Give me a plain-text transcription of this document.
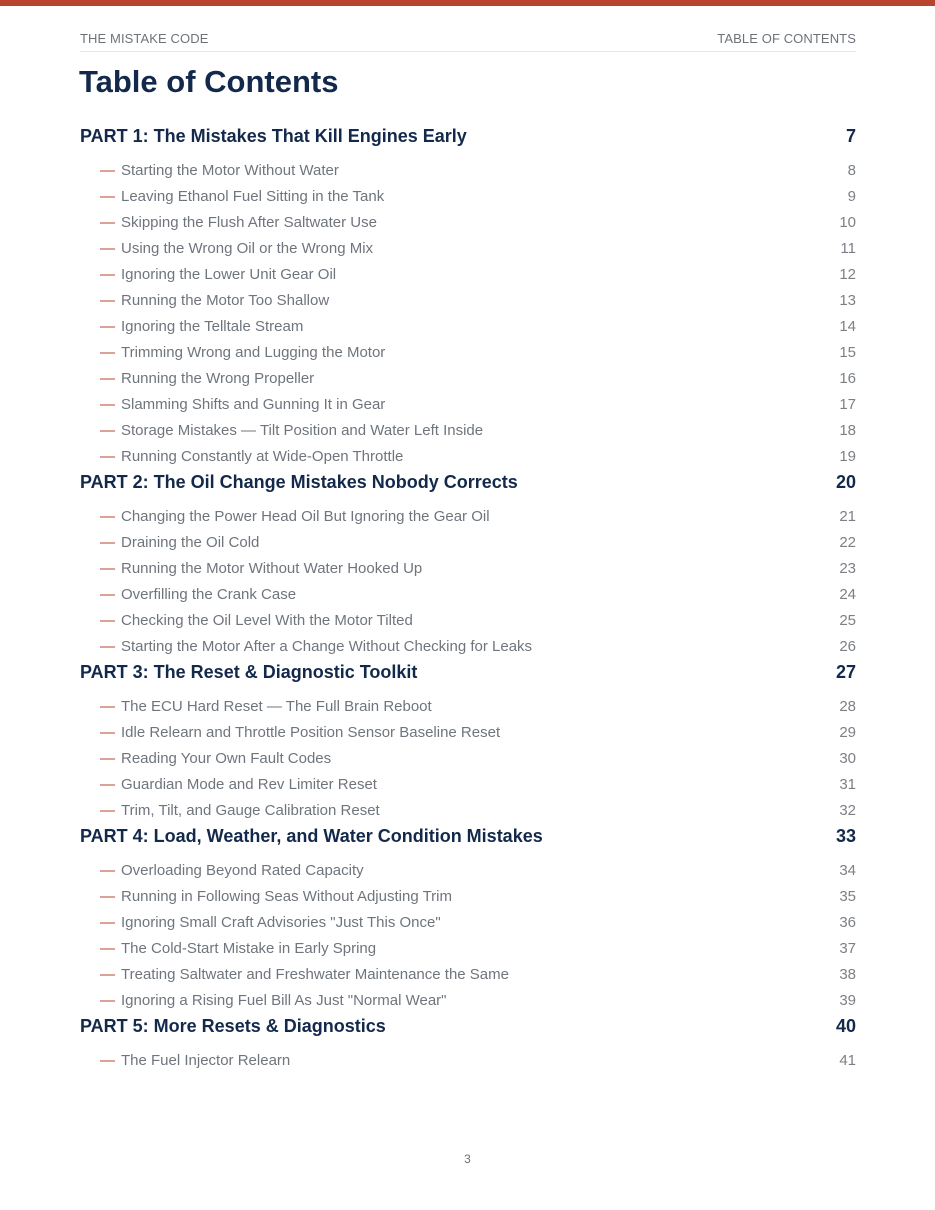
THE MISTAKE CODE	TABLE OF CONTENTS
Table of Contents
PART 1: The Mistakes That Kill Engines Early	7
— Starting the Motor Without Water	8
— Leaving Ethanol Fuel Sitting in the Tank	9
— Skipping the Flush After Saltwater Use	10
— Using the Wrong Oil or the Wrong Mix	11
— Ignoring the Lower Unit Gear Oil	12
— Running the Motor Too Shallow	13
— Ignoring the Telltale Stream	14
— Trimming Wrong and Lugging the Motor	15
— Running the Wrong Propeller	16
— Slamming Shifts and Gunning It in Gear	17
— Storage Mistakes — Tilt Position and Water Left Inside	18
— Running Constantly at Wide-Open Throttle	19
PART 2: The Oil Change Mistakes Nobody Corrects	20
— Changing the Power Head Oil But Ignoring the Gear Oil	21
— Draining the Oil Cold	22
— Running the Motor Without Water Hooked Up	23
— Overfilling the Crank Case	24
— Checking the Oil Level With the Motor Tilted	25
— Starting the Motor After a Change Without Checking for Leaks	26
PART 3: The Reset & Diagnostic Toolkit	27
— The ECU Hard Reset — The Full Brain Reboot	28
— Idle Relearn and Throttle Position Sensor Baseline Reset	29
— Reading Your Own Fault Codes	30
— Guardian Mode and Rev Limiter Reset	31
— Trim, Tilt, and Gauge Calibration Reset	32
PART 4: Load, Weather, and Water Condition Mistakes	33
— Overloading Beyond Rated Capacity	34
— Running in Following Seas Without Adjusting Trim	35
— Ignoring Small Craft Advisories "Just This Once"	36
— The Cold-Start Mistake in Early Spring	37
— Treating Saltwater and Freshwater Maintenance the Same	38
— Ignoring a Rising Fuel Bill As Just "Normal Wear"	39
PART 5: More Resets & Diagnostics	40
— The Fuel Injector Relearn	41
3
